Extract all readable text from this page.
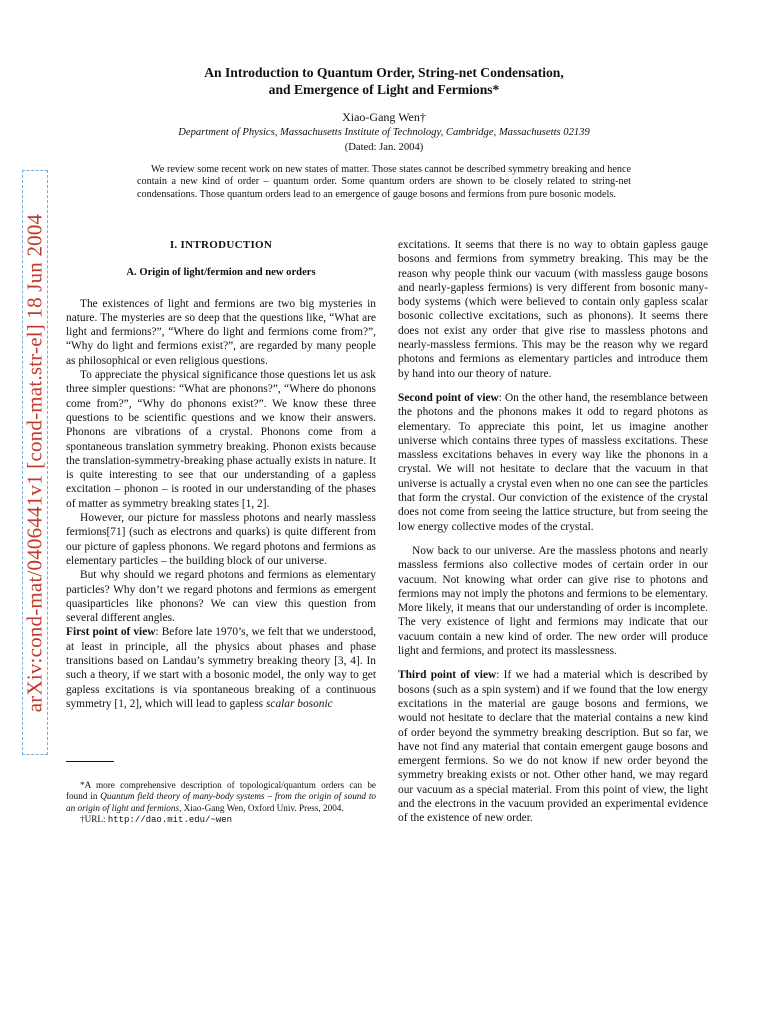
arXiv:cond-mat/0406441v1 [cond-mat.str-el] 18 Jun 2004
An Introduction to Quantum Order, String-net Condensation,
and Emergence of Light and Fermions*
Xiao-Gang Wen†
Department of Physics, Massachusetts Institute of Technology, Cambridge, Massachusetts 02139
(Dated: Jan. 2004)

We review some recent work on new states of matter. Those states cannot be described symmetry breaking and hence contain a new kind of order – quantum order. Some quantum orders are shown to be closely related to string-net condensations. Those quantum orders lead to an emergence of gauge bosons and fermions from pure bosonic models.

I. INTRODUCTION
A. Origin of light/fermion and new orders

The existences of light and fermions are two big mysteries in nature. The mysteries are so deep that the questions like, “What are light and fermions?”, “Where do light and fermions come from?”, “Why do light and fermions exist?”, are regarded by many people as philosophical or even religious questions.

To appreciate the physical significance those questions let us ask three simpler questions: “What are phonons?”, “Where do phonons come from?”, “Why do phonons exist?”. We know these three questions to be scientific questions and we know their answers. Phonons are vibrations of a crystal. Phonons come from a spontaneous translation symmetry breaking. Phonon exists because the translation-symmetry-breaking phase actually exists in nature. It is quite interesting to see that our understanding of a gapless excitation – phonon – is rooted in our understanding of the phases of matter as symmetry breaking states [1, 2].

However, our picture for massless photons and nearly massless fermions[71] (such as electrons and quarks) is quite different from our picture of gapless phonons. We regard photons and fermions as elementary particles – the building block of our universe.

But why should we regard photons and fermions as elementary particles? Why don’t we regard photons and fermions as emergent quasiparticles like phonons? We can view this question from several different angles.

First point of view: Before late 1970’s, we felt that we understood, at least in principle, all the physics about phases and phase transitions based on Landau’s symmetry breaking theory [3, 4]. In such a theory, if we start with a bosonic model, the only way to get gapless excitations is via spontaneous breaking of a continuous symmetry [1, 2], which will lead to gapless scalar bosonic

*A more comprehensive description of topological/quantum orders can be found in Quantum field theory of many-body systems – from the origin of sound to an origin of light and fermions, Xiao-Gang Wen, Oxford Univ. Press, 2004.

†URL: http://dao.mit.edu/~wen

excitations. It seems that there is no way to obtain gapless gauge bosons and fermions from symmetry breaking. This may be the reason why people think our vacuum (with massless gauge bosons and nearly-gapless fermions) is very different from bosonic many-body systems (which were believed to contain only gapless scalar bosonic collective excitations, such as phonons). It seems there does not exist any order that give rise to massless photons and nearly-massless fermions. This may be the reason why we regard photons and fermions as elementary particles and introduce them by hand into our theory of nature.

Second point of view: On the other hand, the resemblance between the photons and the phonons makes it odd to regard photons as elementary. To appreciate this point, let us imagine another universe which contains three types of massless excitations. These massless excitations behaves in every way like the phonons in a crystal. We will not hesitate to declare that the vacuum in that universe is actually a crystal even when no one can see the particles that form the crystal. Our conviction of the existence of the crystal does not come from seeing the lattice structure, but from seeing the low energy collective modes of the crystal.

Now back to our universe. Are the massless photons and nearly massless fermions also collective modes of certain order in our vacuum. Not knowing what order can give rise to photons and fermions may not imply the photons and fermions to be elementary. More likely, it means that our understanding of order is incomplete. The very existence of light and fermions may indicate that our vacuum contain a new kind of order. The new order will produce light and fermions, and protect its masslessness.

Third point of view: If we had a material which is described by bosons (such as a spin system) and if we found that the low energy excitations in the material are gauge bosons and fermions, we would not hesitate to declare that the material contains a new kind of order beyond the symmetry breaking description. But so far, we have not find any material that contain emergent gauge bosons and emergent fermions. So we do not know if new order beyond the symmetry breaking exists or not. Other other hand, we may regard our vacuum as a special material. From this point of view, the light and the electrons in the vacuum provided an experimental evidence of the existence of new order.
